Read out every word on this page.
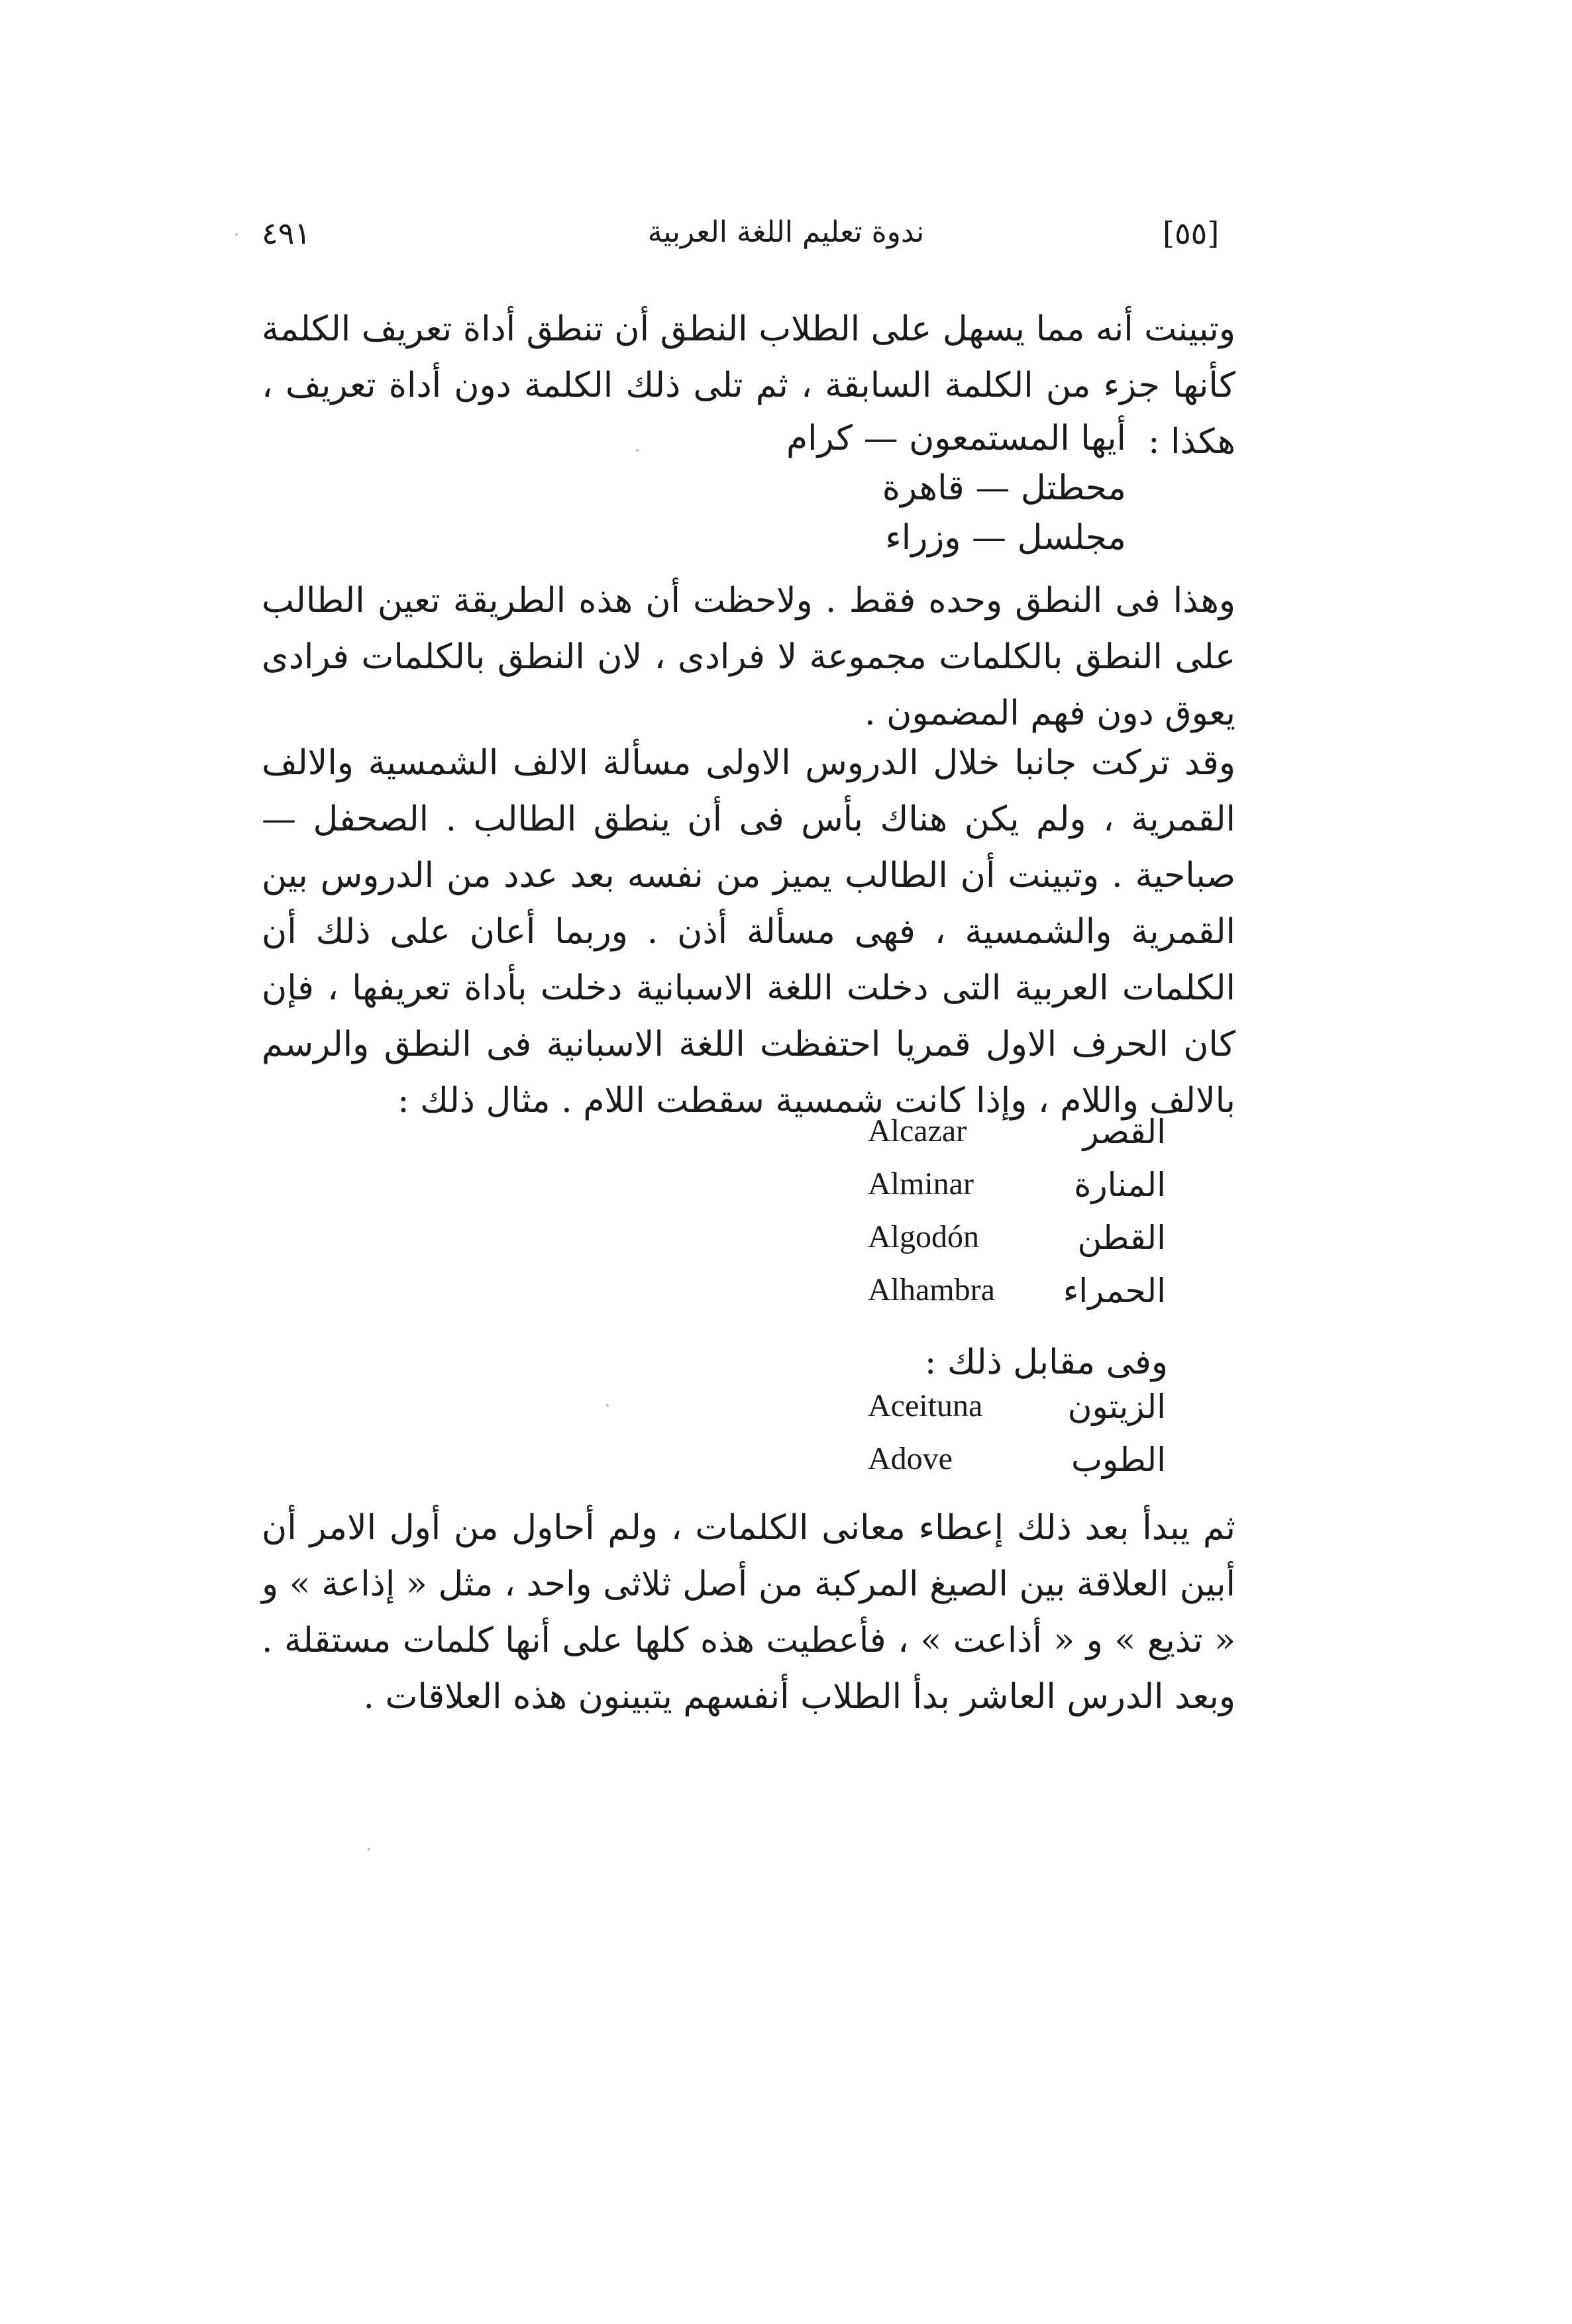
٤٩١	ندوة تعليم اللغة العربية	[٥٥]

وتبينت أنه مما يسهل على الطلاب النطق أن تنطق أداة تعريف الكلمة كأنها جزء من الكلمة السابقة ، ثم تلى ذلك الكلمة دون أداة تعريف ، هكذا :

أيها المستمعون — كرام

محطتل — قاهرة

مجلسل — وزراء

وهذا فى النطق وحده فقط . ولاحظت أن هذه الطريقة تعين الطالب على النطق بالكلمات مجموعة لا فرادى ، لان النطق بالكلمات فرادى يعوق دون فهم المضمون .

وقد تركت جانبا خلال الدروس الاولى مسألة الالف الشمسية والالف القمرية ، ولم يكن هناك بأس فى أن ينطق الطالب . الصحفل — صباحية . وتبينت أن الطالب يميز من نفسه بعد عدد من الدروس بين القمرية والشمسية ، فهى مسألة أذن . وربما أعان على ذلك أن الكلمات العربية التى دخلت اللغة الاسبانية دخلت بأداة تعريفها ، فإن كان الحرف الاول قمريا احتفظت اللغة الاسبانية فى النطق والرسم بالالف واللام ، وإذا كانت شمسية سقطت اللام . مثال ذلك :

Alcazar	القصر
Alminar	المنارة
Algodón	القطن
Alhambra الحمراء

وفى مقابل ذلك :

Aceituna	الزيتون
Adove	الطوب

ثم يبدأ بعد ذلك إعطاء معانى الكلمات ، ولم أحاول من أول الامر أن أبين العلاقة بين الصيغ المركبة من أصل ثلاثى واحد ، مثل « إذاعة » و « تذيع » و « أذاعت » ، فأعطيت هذه كلها على أنها كلمات مستقلة . وبعد الدرس العاشر بدأ الطلاب أنفسهم يتبينون هذه العلاقات .
